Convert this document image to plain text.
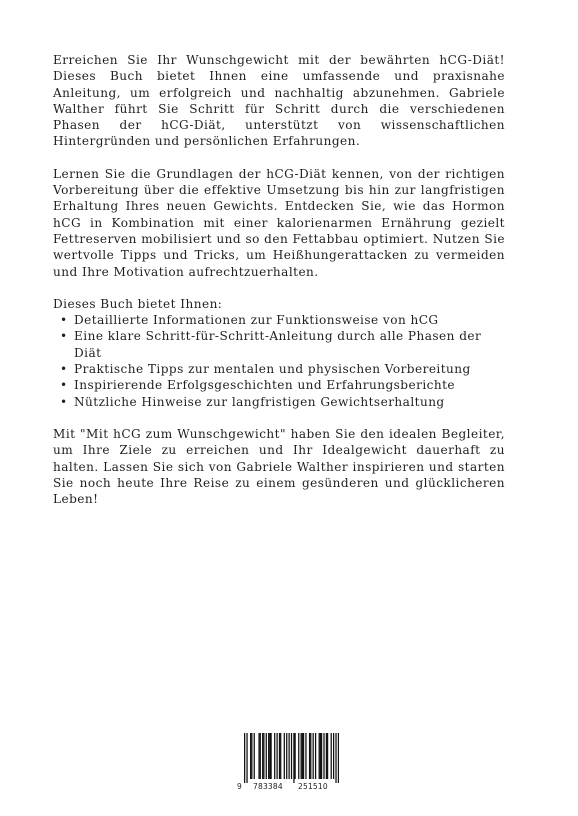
Erreichen Sie Ihr Wunschgewicht mit der bewährten hCG-Diät! Dieses Buch bietet Ihnen eine umfassende und praxisnahe Anleitung, um erfolgreich und nachhaltig abzunehmen. Gabriele Walther führt Sie Schritt für Schritt durch die verschiedenen Phasen der hCG-Diät, unterstützt von wissenschaftlichen Hintergründen und persönlichen Erfahrungen.

Lernen Sie die Grundlagen der hCG-Diät kennen, von der richtigen Vorbereitung über die effektive Umsetzung bis hin zur langfristigen Erhaltung Ihres neuen Gewichts. Entdecken Sie, wie das Hormon hCG in Kombination mit einer kalorienarmen Ernährung gezielt Fettreserven mobilisiert und so den Fettabbau optimiert. Nutzen Sie wertvolle Tipps und Tricks, um Heißhungerattacken zu vermeiden und Ihre Motivation aufrechtzuerhalten.

Dieses Buch bietet Ihnen:

• Detaillierte Informationen zur Funktionsweise von hCG
• Eine klare Schritt-für-Schritt-Anleitung durch alle Phasen der Diät
• Praktische Tipps zur mentalen und physischen Vorbereitung
• Inspirierende Erfolgsgeschichten und Erfahrungsberichte
• Nützliche Hinweise zur langfristigen Gewichtserhaltung

Mit "Mit hCG zum Wunschgewicht" haben Sie den idealen Begleiter, um Ihre Ziele zu erreichen und Ihr Idealgewicht dauerhaft zu halten. Lassen Sie sich von Gabriele Walther inspirieren und starten Sie noch heute Ihre Reise zu einem gesünderen und glücklicheren Leben!

9 783384 251510
